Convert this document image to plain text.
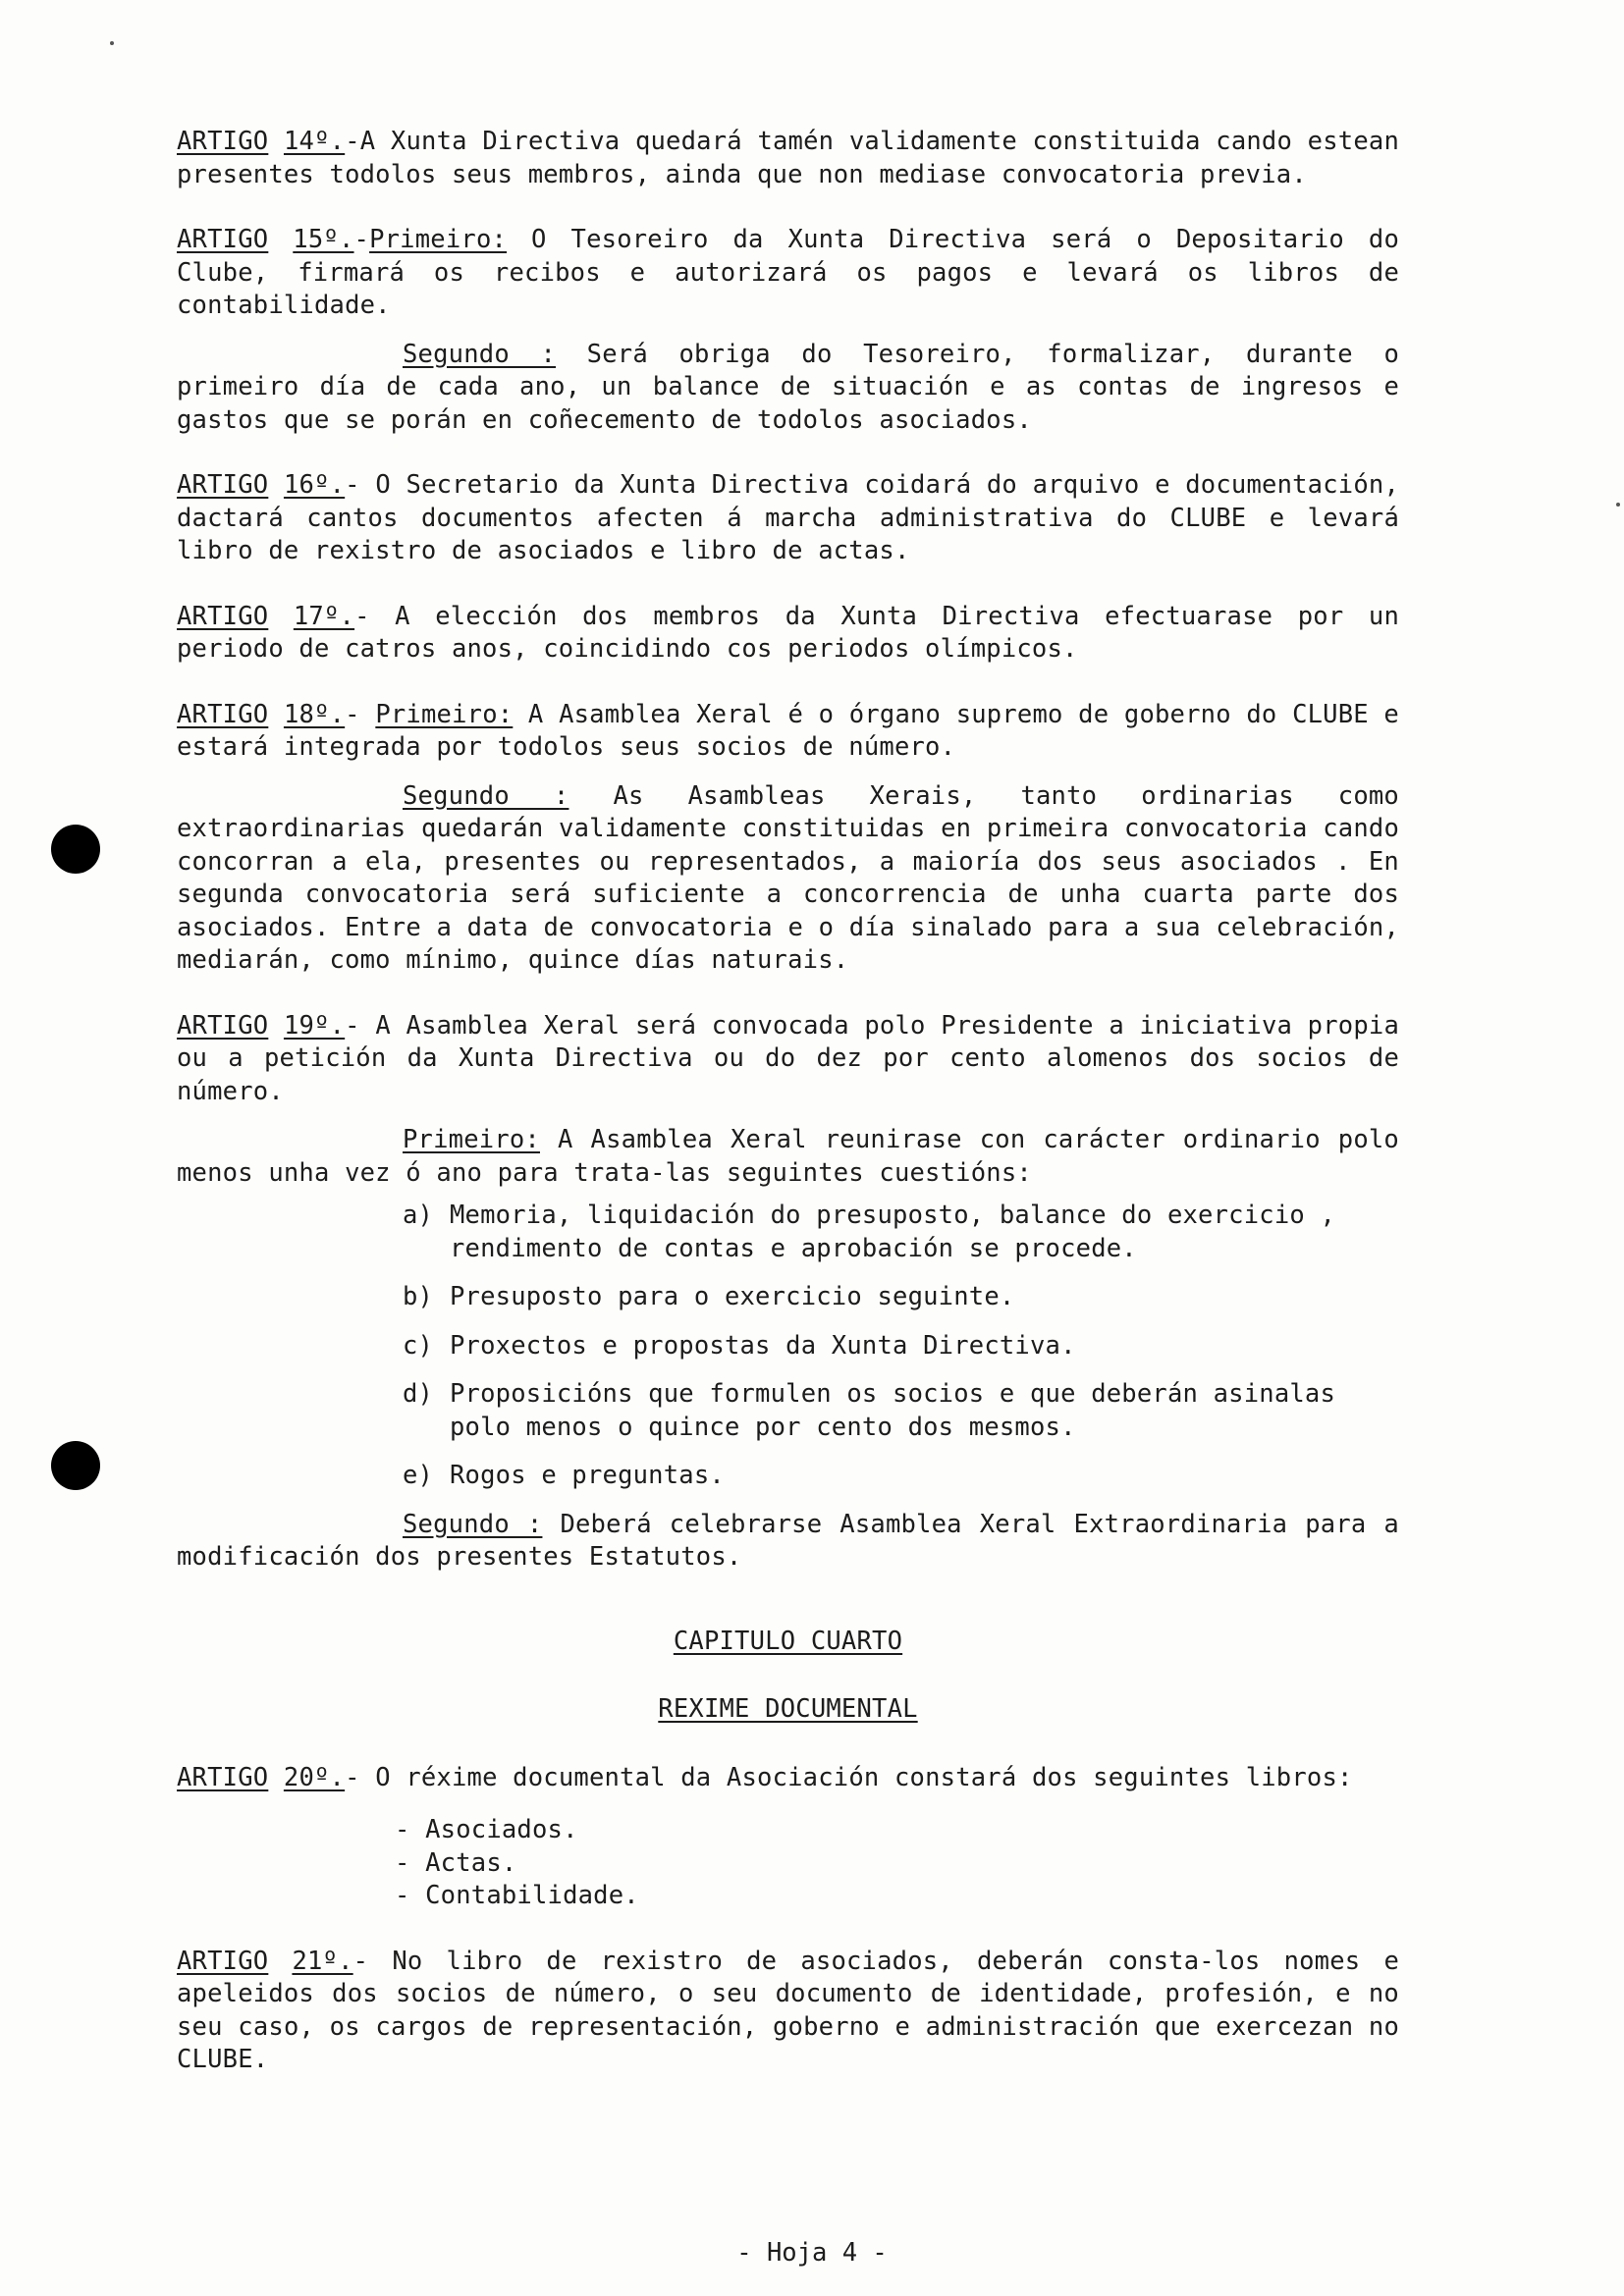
ARTIGO 14º.-A Xunta Directiva quedará tamén validamente constituida cando estean presentes todolos seus membros, ainda que non mediase convocatoria previa.

ARTIGO 15º.-Primeiro: O Tesoreiro da Xunta Directiva será o Depositario do Clube, firmará os recibos e autorizará os pagos e levará os libros de contabilidade.

Segundo : Será obriga do Tesoreiro, formalizar, durante o primeiro día de cada ano, un balance de situación e as contas de ingresos e gastos que se porán en coñecemento de todolos asociados.

ARTIGO 16º.- O Secretario da Xunta Directiva coidará do arquivo e documentación, dactará cantos documentos afecten á marcha administrativa do CLUBE e levará libro de rexistro de asociados e libro de actas.

ARTIGO 17º.- A elección dos membros da Xunta Directiva efectuarase por un periodo de catros anos, coincidindo cos periodos olímpicos.

ARTIGO 18º.- Primeiro: A Asamblea Xeral é o órgano supremo de goberno do CLUBE e estará integrada por todolos seus socios de número.

Segundo : As Asambleas Xerais, tanto ordinarias como extraordinarias quedarán validamente constituidas en primeira convocatoria cando concorran a ela, presentes ou representados, a maioría dos seus asociados . En segunda convocatoria será suficiente a concorrencia de unha cuarta parte dos asociados. Entre a data de convocatoria e o día sinalado para a sua celebración, mediarán, como mínimo, quince días naturais.

ARTIGO 19º.- A Asamblea Xeral será convocada polo Presidente a iniciativa propia ou a petición da Xunta Directiva ou do dez por cento alomenos dos socios de número.

Primeiro: A Asamblea Xeral reunirase con carácter ordinario polo menos unha vez ó ano para trata-las seguintes cuestións:

a) Memoria, liquidación do presuposto, balance do exercicio , rendimento de contas e aprobación se procede.
b) Presuposto para o exercicio seguinte.
c) Proxectos e propostas da Xunta Directiva.
d) Proposicións que formulen os socios e que deberán asinalas polo menos o quince por cento dos mesmos.
e) Rogos e preguntas.

Segundo : Deberá celebrarse Asamblea Xeral Extraordinaria para a modificación dos presentes Estatutos.

CAPITULO CUARTO

REXIME DOCUMENTAL

ARTIGO 20º.- O réxime documental da Asociación constará dos seguintes libros:

- Asociados.
- Actas.
- Contabilidade.

ARTIGO 21º.- No libro de rexistro de asociados, deberán consta-los nomes e apeleidos dos socios de número, o seu documento de identidade, profesión, e no seu caso, os cargos de representación, goberno e administración que exercezan no CLUBE.

- Hoja 4 -
